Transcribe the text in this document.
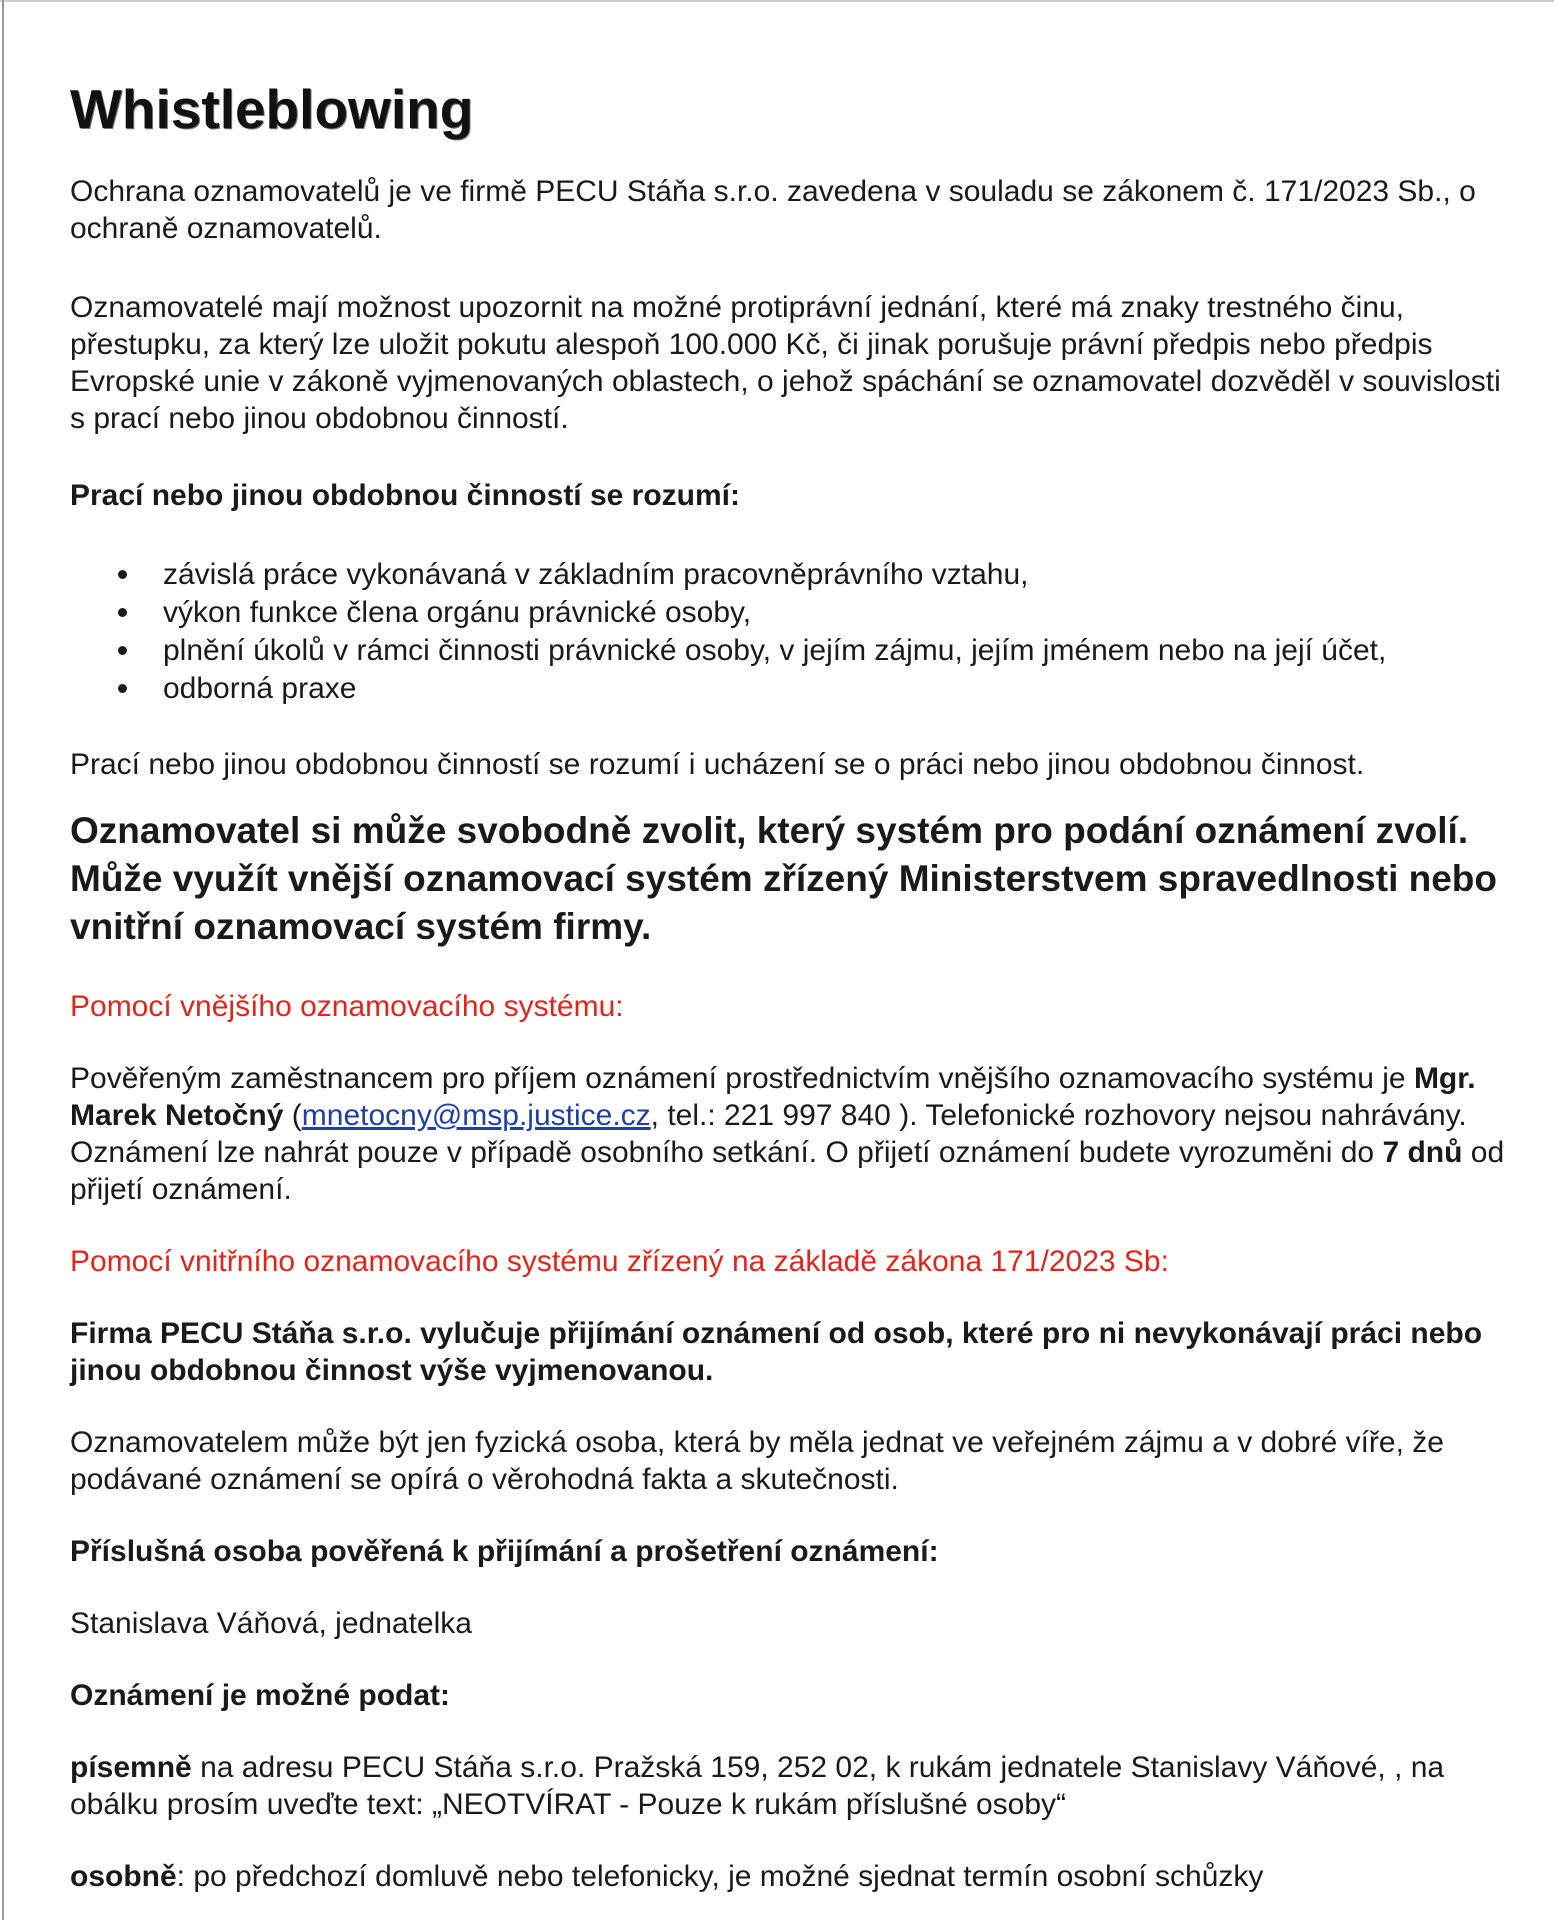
Whistleblowing

Ochrana oznamovatelů je ve firmě PECU Stáňa s.r.o. zavedena v souladu se zákonem č. 171/2023 Sb., o ochraně oznamovatelů.

Oznamovatelé mají možnost upozornit na možné protiprávní jednání, které má znaky trestného činu, přestupku, za který lze uložit pokutu alespoň 100.000 Kč, či jinak porušuje právní předpis nebo předpis Evropské unie v zákoně vyjmenovaných oblastech, o jehož spáchání se oznamovatel dozvěděl v souvislosti s prací nebo jinou obdobnou činností.

Prací nebo jinou obdobnou činností se rozumí:

závislá práce vykonávaná v základním pracovněprávního vztahu,
výkon funkce člena orgánu právnické osoby,
plnění úkolů v rámci činnosti právnické osoby, v jejím zájmu, jejím jménem nebo na její účet,
odborná praxe

Prací nebo jinou obdobnou činností se rozumí i ucházení se o práci nebo jinou obdobnou činnost.

Oznamovatel si může svobodně zvolit, který systém pro podání oznámení zvolí. Může využít vnější oznamovací systém zřízený Ministerstvem spravedlnosti nebo vnitřní oznamovací systém firmy.

Pomocí vnějšího oznamovacího systému:

Pověřeným zaměstnancem pro příjem oznámení prostřednictvím vnějšího oznamovacího systému je Mgr. Marek Netočný (mnetocny@msp.justice.cz, tel.: 221 997 840 ). Telefonické rozhovory nejsou nahrávány. Oznámení lze nahrát pouze v případě osobního setkání. O přijetí oznámení budete vyrozuměni do 7 dnů od přijetí oznámení.

Pomocí vnitřního oznamovacího systému zřízený na základě zákona 171/2023 Sb:

Firma PECU Stáňa s.r.o. vylučuje přijímání oznámení od osob, které pro ni nevykonávají práci nebo jinou obdobnou činnost výše vyjmenovanou.

Oznamovatelem může být jen fyzická osoba, která by měla jednat ve veřejném zájmu a v dobré víře, že podávané oznámení se opírá o věrohodná fakta a skutečnosti.

Příslušná osoba pověřená k přijímání a prošetření oznámení:

Stanislava Váňová, jednatelka

Oznámení je možné podat:

písemně na adresu PECU Stáňa s.r.o. Pražská 159, 252 02, k rukám jednatele Stanislavy Váňové, , na obálku prosím uveďte text: „NEOTVÍRAT - Pouze k rukám příslušné osoby“

osobně: po předchozí domluvě nebo telefonicky, je možné sjednat termín osobní schůzky
